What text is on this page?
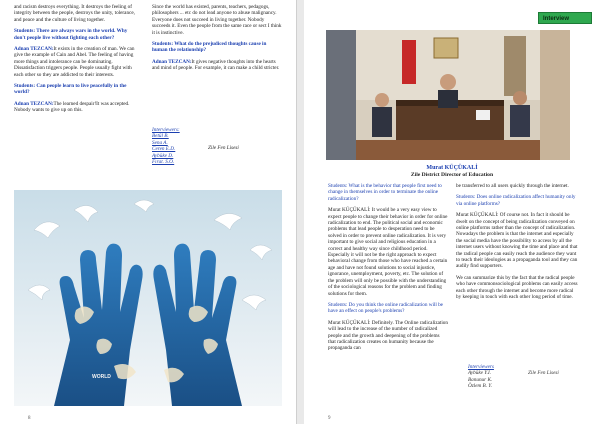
and racism destroys everything. It destroys the feeling of integrity between the people, destroys the unity, tolerance, and peace and the culture of living together.

Students: There are always wars in the world. Why don't people live without fighting each other?

Adnan TEZCAN:It exists in the creation of man. We can give the example of Cain and Abel. The feeling of having more things and intolerance can be dominating. Dissatisfaction triggers people. People usually fight with each other so they are addicted to their interests.

Students: Can people learn to live peacefully in the world?

Adnan TEZCAN:The learned despair!It was accepted. Nobody wants to give up on this.

Since the world has existed, parents, teachers, pedagogs, philosophers ... etc do not lead anyone to abuse malignancy. Everyone does not succeed in living together. Nobody succeeds it. Even the people from the same race or sect I think it is instinctive.

Students: What do the prejudiced thoughts cause in human the relationship?

Adnan TEZCAN:It gives negative thoughts into the hearts and mind of people. For example, it can make a child stricter.

Interviewers:
Betül B.
Sena A.
Ceren E.D.
Aybüke D.
Fırat. S.O.
Zile Fen Lisesi
WORLD
8
Interview
Murat KÜÇÜKALİ
Zile District Director of Education

Students: What is the behavior that people first need to change in themselves in order to terminate the online radicalization?

Murat KÜÇÜKALİ: It would be a very easy view to expect people to change their behavior in order for online radicalization to end. The political social and economic problems that lead people to desperation need to be solved in order to prevent online radicalization. It is very important to give social and religious education in a correct and healthy way since childhood period. Especially it will not be the right approach to expect behavioral change from those who have reached a certain age and have not found solutions to social injustice, ignorance, unemployment, poverty, etc. The solution of the problem will only be possible with the understanding of the sociological reasons for the problem and finding solutions for them.

Students: Do you think the online radicalization will be have an effect on people's problems?

Murat KÜÇÜKALİ: Definitely. The Online radicalization will lead to the increase of the number of radicalized people and the growth and deepening of the problems that radicalization creates on humanity because the propaganda can

be transferred to all users quickly through the internet.

Students: Does online radicalization affect humanity only via online platforms?

Murat KÜÇÜKALİ: Of course not. In fact it should be dwelt on the concept of being radicalization conveyed on online platforms rather than the concept of radicalization. Nowadays the problem is that the internet and especially the social media have the possibility to access by all the internet users without knowing the time and place and that the radical people can easily reach the audience they want to teach their ideologies as a propaganda tool and they can audily find supporters.

We can summarize this by the fact that the radical people who have commonsociological problems can easily access each other through the internet and become more radical by keeping in touch with each other long period of time.

Interviewers
Aybüke Y.I.
Banunur K.
Özlem B. Y.
Zile Fen Lisesi
9
